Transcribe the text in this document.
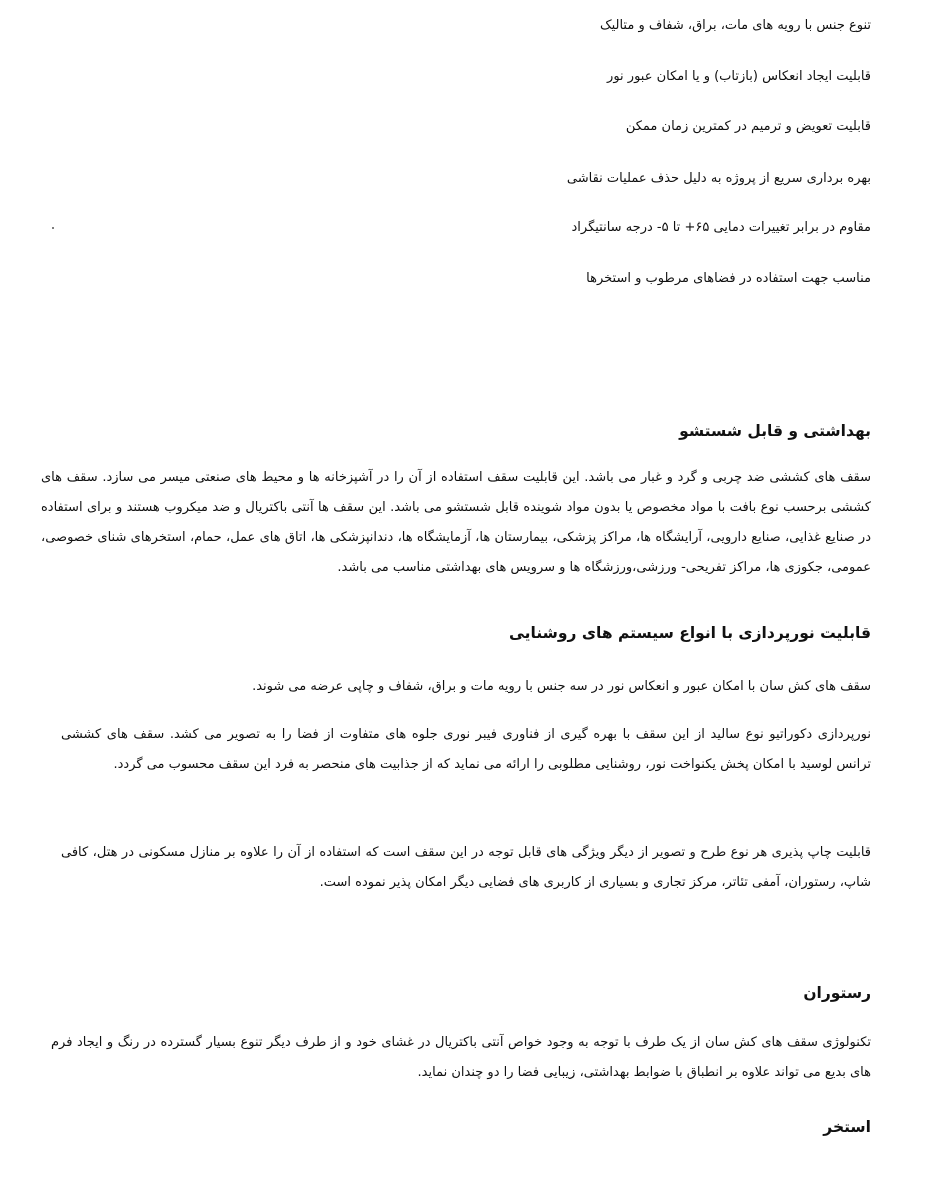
تنوع جنس با رویه های مات، براق، شفاف و متالیک
قابلیت ایجاد انعکاس (بازتاب) و یا امکان عبور نور
قابلیت تعویض و ترمیم در کمترین زمان ممکن
بهره برداری سریع از پروژه به دلیل حذف عملیات نقاشی
مقاوم در برابر تغییرات دمایی ۶۵+ تا ۵- درجه سانتیگراد
مناسب جهت استفاده در فضاهای مرطوب و استخرها
بهداشتی و قابل شستشو
سقف های کششی ضد چربی و گرد و غبار می باشد. این قابلیت سقف استفاده از آن را در آشپزخانه ها و محیط های صنعتی میسر می سازد. سقف های کششی برحسب نوع بافت با مواد مخصوص یا بدون مواد شوینده قابل شستشو می باشد. این سقف ها آنتی باکتریال و ضد میکروب هستند و برای استفاده در صنایع غذایی، صنایع دارویی، آرایشگاه ها، مراکز پزشکی، بیمارستان ها، آزمایشگاه ها، دندانپزشکی ها، اتاق های عمل، حمام، استخرهای شنای خصوصی، عمومی، جکوزی ها، مراکز تفریحی- ورزشی،ورزشگاه ها و سرویس های بهداشتی مناسب می باشد.
قابلیت نورپردازی با انواع سیستم های روشنایی
سقف های کش سان با امکان عبور و انعکاس نور در سه جنس با رویه مات و براق، شفاف و چاپی عرضه می شوند.
نورپردازی دکوراتیو نوع سالید از این سقف با بهره گیری از فناوری فیبر نوری جلوه های متفاوت از فضا را به تصویر می کشد. سقف های کششی ترانس لوسید با امکان پخش یکنواخت نور، روشنایی مطلوبی را ارائه می نماید که از جذابیت های منحصر به فرد این سقف محسوب می گردد.
قابلیت چاپ پذیری هر نوع طرح و تصویر از دیگر ویژگی های قابل توجه در این سقف است که استفاده از آن را علاوه بر منازل مسکونی در هتل، کافی شاپ، رستوران، آمفی تئاتر، مرکز تجاری و بسیاری از کاربری های فضایی دیگر امکان پذیر نموده است.
رستوران
تکنولوژی سقف های کش سان از یک طرف با توجه به وجود خواص آنتی باکتریال در غشای خود و از طرف دیگر تنوع بسیار گسترده در رنگ و ایجاد فرم های بدیع می تواند علاوه بر انطباق با ضوابط بهداشتی، زیبایی فضا را دو چندان نماید.
استخر
